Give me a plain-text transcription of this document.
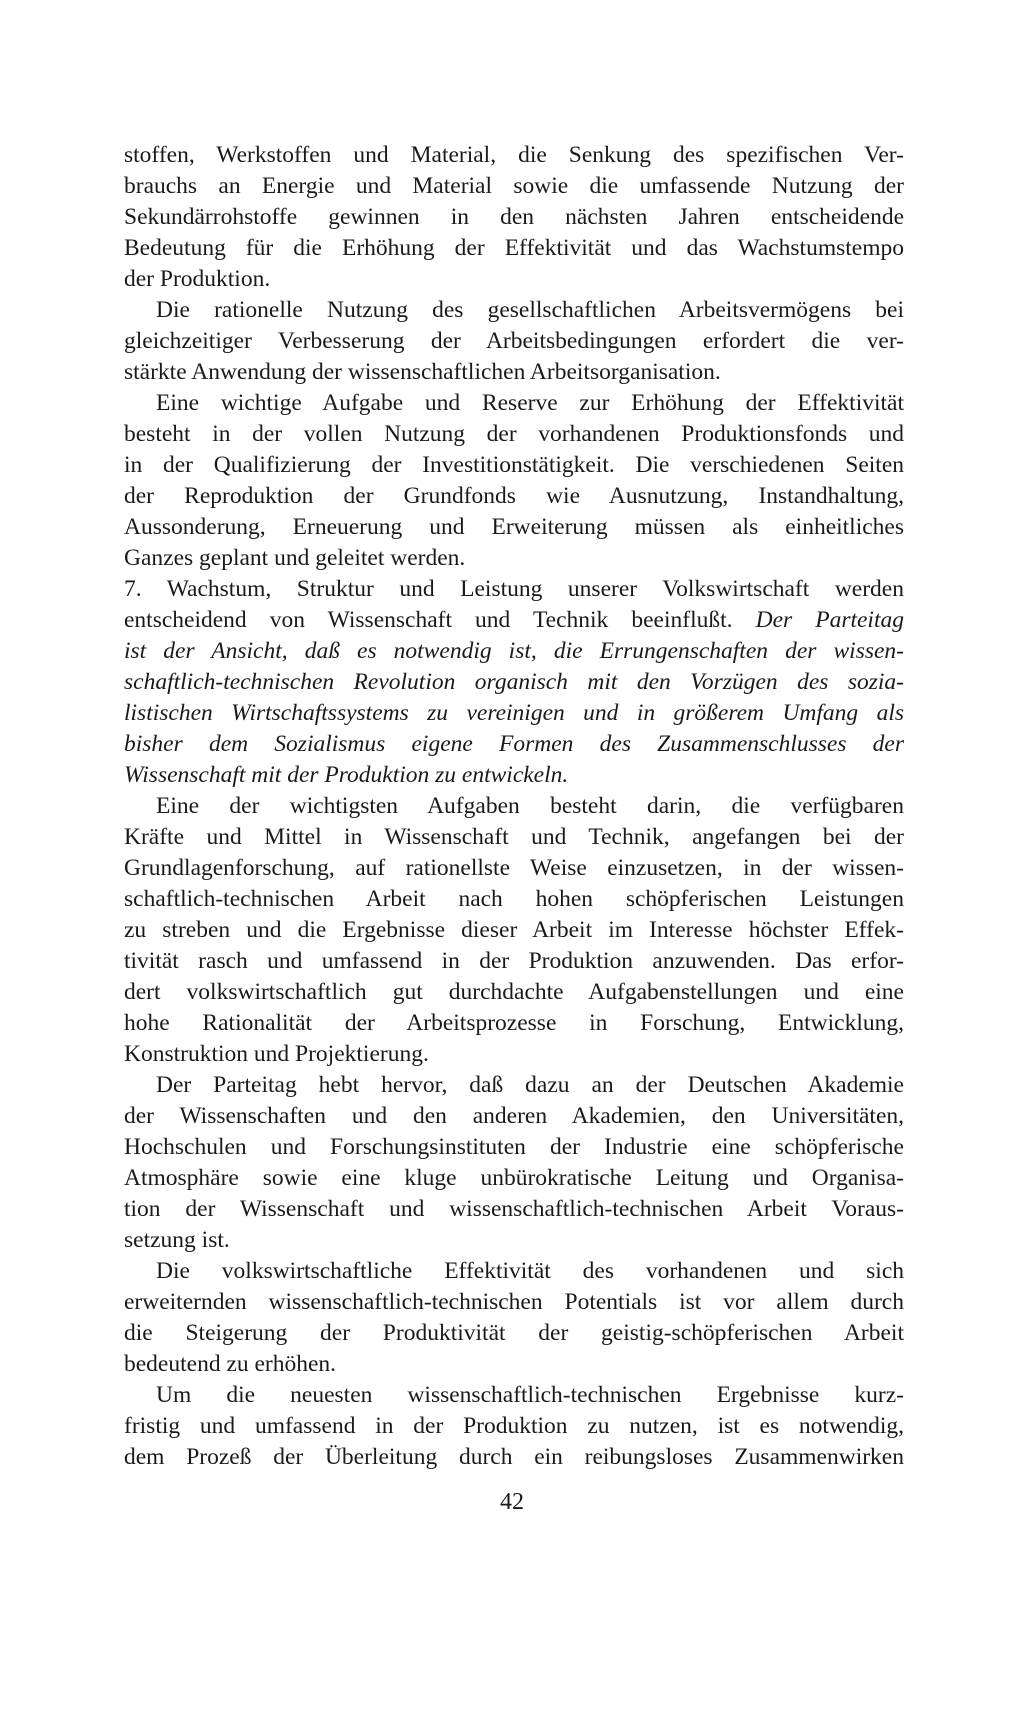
stoffen, Werkstoffen und Material, die Senkung des spezifischen Ver-
brauchs an Energie und Material sowie die umfassende Nutzung der
Sekundärrohstoffe gewinnen in den nächsten Jahren entscheidende
Bedeutung für die Erhöhung der Effektivität und das Wachstumstempo
der Produktion.
Die rationelle Nutzung des gesellschaftlichen Arbeitsvermögens bei
gleichzeitiger Verbesserung der Arbeitsbedingungen erfordert die ver-
stärkte Anwendung der wissenschaftlichen Arbeitsorganisation.
Eine wichtige Aufgabe und Reserve zur Erhöhung der Effektivität
besteht in der vollen Nutzung der vorhandenen Produktionsfonds und
in der Qualifizierung der Investitionstätigkeit. Die verschiedenen Seiten
der Reproduktion der Grundfonds wie Ausnutzung, Instandhaltung,
Aussonderung, Erneuerung und Erweiterung müssen als einheitliches
Ganzes geplant und geleitet werden.
7. Wachstum, Struktur und Leistung unserer Volkswirtschaft werden
entscheidend von Wissenschaft und Technik beeinflußt. Der Parteitag
ist der Ansicht, daß es notwendig ist, die Errungenschaften der wissen-
schaftlich-technischen Revolution organisch mit den Vorzügen des sozia-
listischen Wirtschaftssystems zu vereinigen und in größerem Umfang als
bisher dem Sozialismus eigene Formen des Zusammenschlusses der
Wissenschaft mit der Produktion zu entwickeln.
Eine der wichtigsten Aufgaben besteht darin, die verfügbaren
Kräfte und Mittel in Wissenschaft und Technik, angefangen bei der
Grundlagenforschung, auf rationellste Weise einzusetzen, in der wissen-
schaftlich-technischen Arbeit nach hohen schöpferischen Leistungen
zu streben und die Ergebnisse dieser Arbeit im Interesse höchster Effek-
tivität rasch und umfassend in der Produktion anzuwenden. Das erfor-
dert volkswirtschaftlich gut durchdachte Aufgabenstellungen und eine
hohe Rationalität der Arbeitsprozesse in Forschung, Entwicklung,
Konstruktion und Projektierung.
Der Parteitag hebt hervor, daß dazu an der Deutschen Akademie
der Wissenschaften und den anderen Akademien, den Universitäten,
Hochschulen und Forschungsinstituten der Industrie eine schöpferische
Atmosphäre sowie eine kluge unbürokratische Leitung und Organisa-
tion der Wissenschaft und wissenschaftlich-technischen Arbeit Voraus-
setzung ist.
Die volkswirtschaftliche Effektivität des vorhandenen und sich
erweiternden wissenschaftlich-technischen Potentials ist vor allem durch
die Steigerung der Produktivität der geistig-schöpferischen Arbeit
bedeutend zu erhöhen.
Um die neuesten wissenschaftlich-technischen Ergebnisse kurz-
fristig und umfassend in der Produktion zu nutzen, ist es notwendig,
dem Prozeß der Überleitung durch ein reibungsloses Zusammenwirken
42
